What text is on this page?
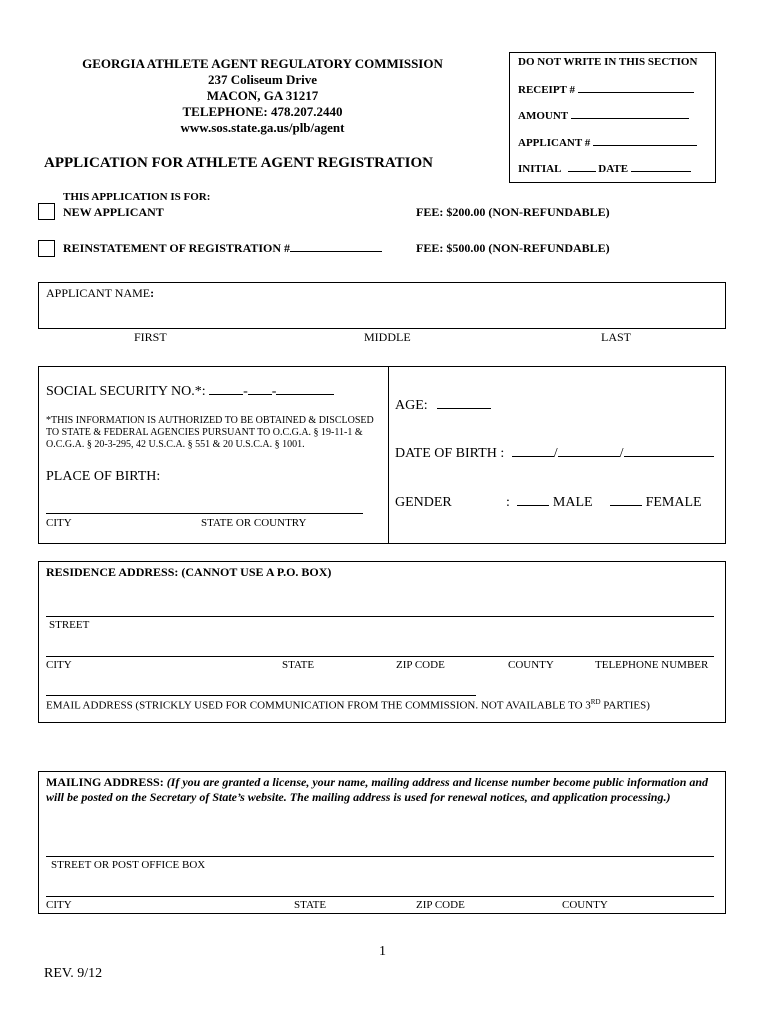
GEORGIA ATHLETE AGENT REGULATORY COMMISSION
237 Coliseum Drive
MACON, GA 31217
TELEPHONE: 478.207.2440
www.sos.state.ga.us/plb/agent
DO NOT WRITE IN THIS SECTION
RECEIPT #
AMOUNT
APPLICANT #
INITIAL	DATE
APPLICATION FOR ATHLETE AGENT REGISTRATION
THIS APPLICATION IS FOR:
NEW APPLICANT	FEE: $200.00 (NON-REFUNDABLE)
REINSTATEMENT OF REGISTRATION #	FEE: $500.00 (NON-REFUNDABLE)
APPLICANT NAME:
FIRST	MIDDLE	LAST
SOCIAL SECURITY NO.*:	- -
*THIS INFORMATION IS AUTHORIZED TO BE OBTAINED & DISCLOSED TO STATE & FEDERAL AGENCIES PURSUANT TO O.C.G.A. § 19-11-1 & O.C.G.A. § 20-3-295, 42 U.S.C.A. § 551 & 20 U.S.C.A. § 1001.
PLACE OF BIRTH:
CITY	STATE OR COUNTRY
AGE:
DATE OF BIRTH :	/	/
GENDER	:	MALE	FEMALE
RESIDENCE ADDRESS: (CANNOT USE A P.O. BOX)
STREET
CITY	STATE	ZIP CODE	COUNTY	TELEPHONE NUMBER
EMAIL ADDRESS (STRICKLY USED FOR COMMUNICATION FROM THE COMMISSION. NOT AVAILABLE TO 3RD PARTIES)
MAILING ADDRESS: (If you are granted a license, your name, mailing address and license number become public information and will be posted on the Secretary of State’s website. The mailing address is used for renewal notices, and application processing.)
STREET OR POST OFFICE BOX
CITY	STATE	ZIP CODE	COUNTY
1
REV. 9/12
